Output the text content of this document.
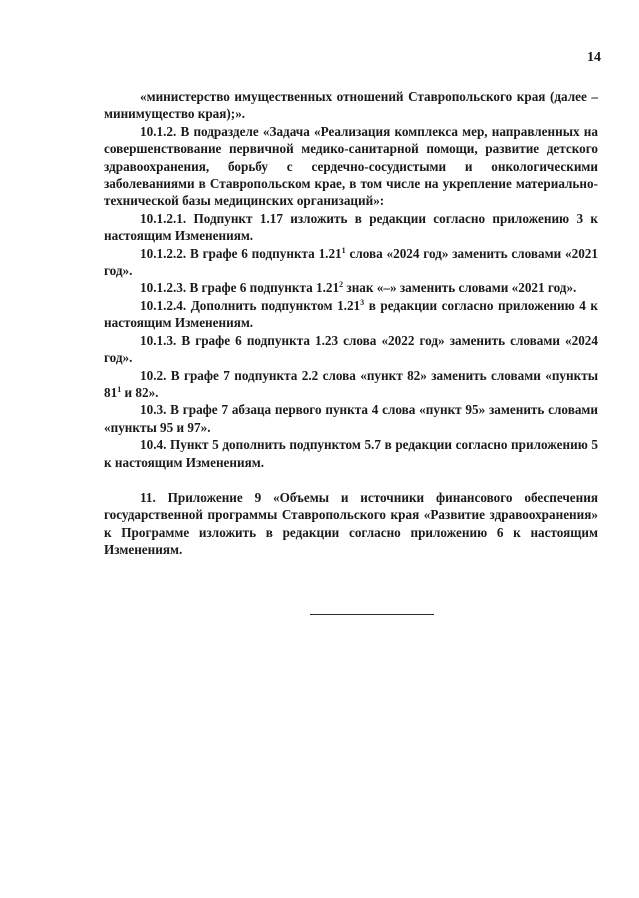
14

«министерство имущественных отношений Ставропольского края (далее – минимущество края);».

10.1.2. В подразделе «Задача «Реализация комплекса мер, направленных на совершенствование первичной медико-санитарной помощи, развитие детского здравоохранения, борьбу с сердечно-сосудистыми и онкологическими заболеваниями в Ставропольском крае, в том числе на укрепление материально-технической базы медицинских организаций»:

10.1.2.1. Подпункт 1.17 изложить в редакции согласно приложению 3 к настоящим Изменениям.

10.1.2.2. В графе 6 подпункта 1.21$^1$ слова «2024 год» заменить словами «2021 год».

10.1.2.3. В графе 6 подпункта 1.21$^2$ знак «–» заменить словами «2021 год».

10.1.2.4. Дополнить подпунктом 1.21$^3$ в редакции согласно приложению 4 к настоящим Изменениям.

10.1.3. В графе 6 подпункта 1.23 слова «2022 год» заменить словами «2024 год».

10.2. В графе 7 подпункта 2.2 слова «пункт 82» заменить словами «пункты $81^1$ и 82».

10.3. В графе 7 абзаца первого пункта 4 слова «пункт 95» заменить словами «пункты 95 и 97».

10.4. Пункт 5 дополнить подпунктом 5.7 в редакции согласно приложению 5 к настоящим Изменениям.

11. Приложение 9 «Объемы и источники финансового обеспечения государственной программы Ставропольского края «Развитие здравоохранения» к Программе изложить в редакции согласно приложению 6 к настоящим Изменениям.
